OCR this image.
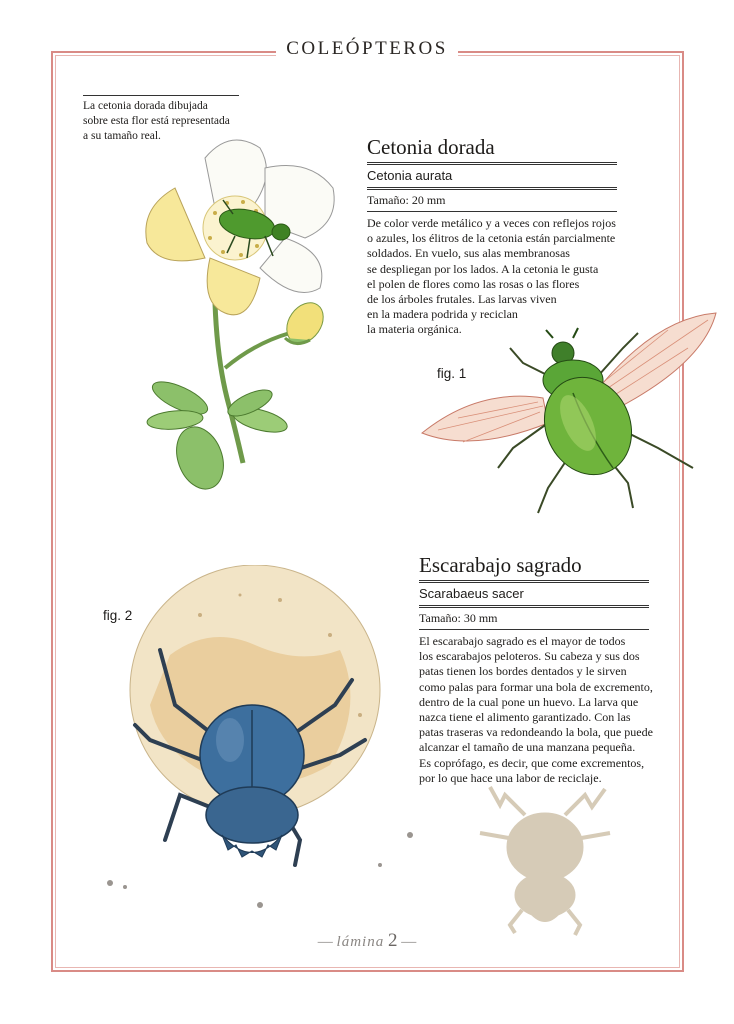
COLEÓPTEROS
La cetonia dorada dibujada
sobre esta flor está representada
a su tamaño real.	Cetonia dorada
Cetonia aurata
Tamaño: 20 mm
De color verde metálico y a veces con reflejos rojos
o azules, los élitros de la cetonia están parcialmente
soldados. En vuelo, sus alas membranosas
se despliegan por los lados. A la cetonia le gusta
el polen de flores como las rosas o las flores
de los árboles frutales. Las larvas viven
en la madera podrida y reciclan
la materia orgánica.
fig. 1
Escarabajo sagrado
Scarabaeus sacer
Tamaño: 30 mm
El escarabajo sagrado es el mayor de todos
los escarabajos peloteros. Su cabeza y sus dos
patas tienen los bordes dentados y le sirven
como palas para formar una bola de excremento,
dentro de la cual pone un huevo. La larva que
nazca tiene el alimento garantizado. Con las
patas traseras va redondeando la bola, que puede
alcanzar el tamaño de una manzana pequeña.
Es coprófago, es decir, que come excrementos,
por lo que hace una labor de reciclaje.
fig. 2
— lámina 2 —
